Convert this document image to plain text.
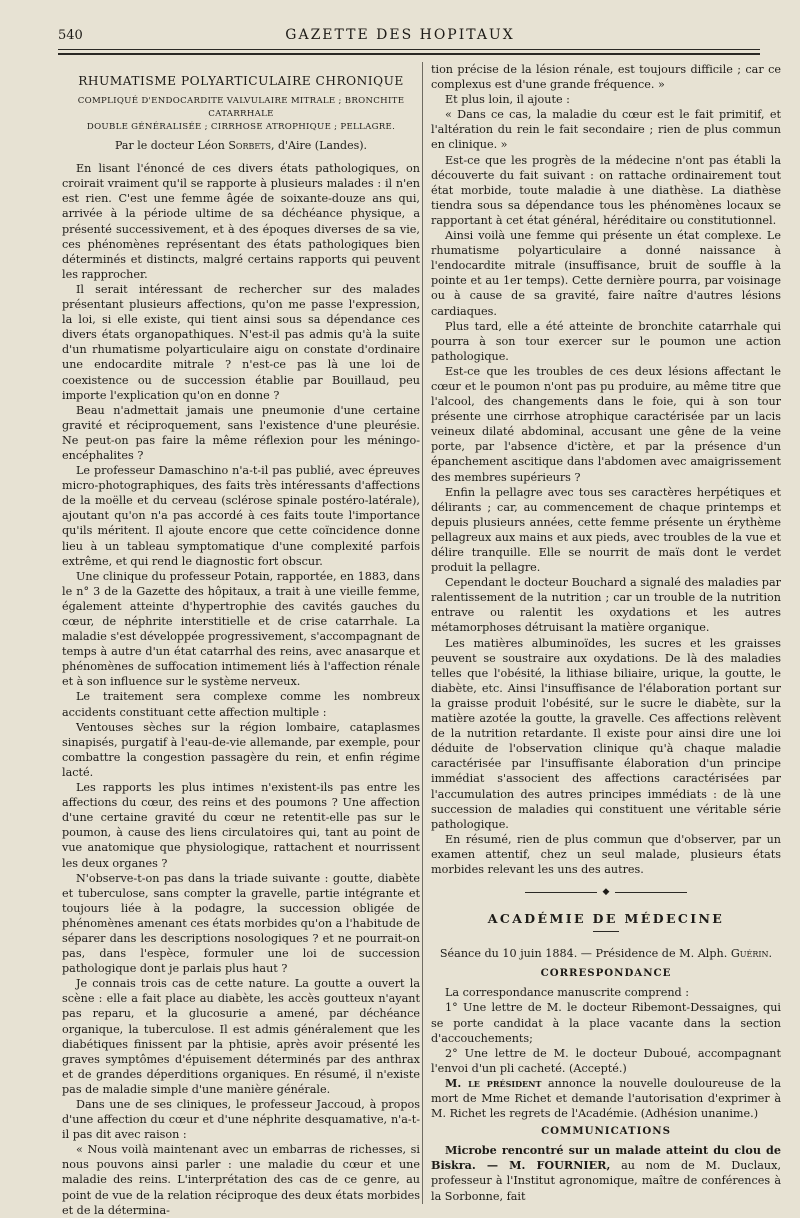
540	GAZETTE DES HOPITAUX
RHUMATISME POLYARTICULAIRE CHRONIQUE
COMPLIQUÉ D'ENDOCARDITE VALVULAIRE MITRALE ; BRONCHITE CATARRHALE
DOUBLE GÉNÉRALISÉE ; CIRRHOSE ATROPHIQUE ; PELLAGRE.
Par le docteur Léon Sorbets, d'Aire (Landes).

En lisant l'énoncé de ces divers états pathologiques, on croirait vraiment qu'il se rapporte à plusieurs malades : il n'en est rien. C'est une femme âgée de soixante-douze ans qui, arrivée à la période ultime de sa déchéance physique, a présenté successivement, et à des époques diverses de sa vie, ces phénomènes représentant des états pathologiques bien déterminés et distincts, malgré certains rapports qui peuvent les rapprocher.

Il serait intéressant de rechercher sur des malades présentant plusieurs affections, qu'on me passe l'expression, la loi, si elle existe, qui tient ainsi sous sa dépendance ces divers états organopathiques. N'est-il pas admis qu'à la suite d'un rhumatisme polyarticulaire aigu on constate d'ordinaire une endocardite mitrale ? n'est-ce pas là une loi de coexistence ou de succession établie par Bouillaud, peu importe l'explication qu'on en donne ?

Beau n'admettait jamais une pneumonie d'une certaine gravité et réciproquement, sans l'existence d'une pleurésie. Ne peut-on pas faire la même réflexion pour les méningo-encéphalites ?

Le professeur Damaschino n'a-t-il pas publié, avec épreuves micro-photographiques, des faits très intéressants d'affections de la moëlle et du cerveau (sclérose spinale postéro-latérale), ajoutant qu'on n'a pas accordé à ces faits toute l'importance qu'ils méritent. Il ajoute encore que cette coïncidence donne lieu à un tableau symptomatique d'une complexité parfois extrême, et qui rend le diagnostic fort obscur.

Une clinique du professeur Potain, rapportée, en 1883, dans le n° 3 de la Gazette des hôpitaux, a trait à une vieille femme, également atteinte d'hypertrophie des cavités gauches du cœur, de néphrite interstitielle et de crise catarrhale. La maladie s'est développée progressivement, s'accompagnant de temps à autre d'un état catarrhal des reins, avec anasarque et phénomènes de suffocation intimement liés à l'affection rénale et à son influence sur le système nerveux.

Le traitement sera complexe comme les nombreux accidents constituant cette affection multiple :

Ventouses sèches sur la région lombaire, cataplasmes sinapisés, purgatif à l'eau-de-vie allemande, par exemple, pour combattre la congestion passagère du rein, et enfin régime lacté.

Les rapports les plus intimes n'existent-ils pas entre les affections du cœur, des reins et des poumons ? Une affection d'une certaine gravité du cœur ne retentit-elle pas sur le poumon, à cause des liens circulatoires qui, tant au point de vue anatomique que physiologique, rattachent et nourrissent les deux organes ?

N'observe-t-on pas dans la triade suivante : goutte, diabète et tuberculose, sans compter la gravelle, partie intégrante et toujours liée à la podagre, la succession obligée de phénomènes amenant ces états morbides qu'on a l'habitude de séparer dans les descriptions nosologiques ? et ne pourrait-on pas, dans l'espèce, formuler une loi de succession pathologique dont je parlais plus haut ?

Je connais trois cas de cette nature. La goutte a ouvert la scène : elle a fait place au diabète, les accès goutteux n'ayant pas reparu, et la glucosurie a amené, par déchéance organique, la tuberculose. Il est admis généralement que les diabétiques finissent par la phtisie, après avoir présenté les graves symptômes d'épuisement déterminés par des anthrax et de grandes déperditions organiques. En résumé, il n'existe pas de maladie simple d'une manière générale.

Dans une de ses cliniques, le professeur Jaccoud, à propos d'une affection du cœur et d'une néphrite desquamative, n'a-t-il pas dit avec raison :

« Nous voilà maintenant avec un embarras de richesses, si nous pouvons ainsi parler : une maladie du cœur et une maladie des reins. L'interprétation des cas de ce genre, au point de vue de la relation réciproque des deux états morbides et de la détermina-

tion précise de la lésion rénale, est toujours difficile ; car ce complexus est d'une grande fréquence. »

Et plus loin, il ajoute :

« Dans ce cas, la maladie du cœur est le fait primitif, et l'altération du rein le fait secondaire ; rien de plus commun en clinique. »

Est-ce que les progrès de la médecine n'ont pas établi la découverte du fait suivant : on rattache ordinairement tout état morbide, toute maladie à une diathèse. La diathèse tiendra sous sa dépendance tous les phénomènes locaux se rapportant à cet état général, héréditaire ou constitutionnel.

Ainsi voilà une femme qui présente un état complexe. Le rhumatisme polyarticulaire a donné naissance à l'endocardite mitrale (insuffisance, bruit de souffle à la pointe et au 1er temps). Cette dernière pourra, par voisinage ou à cause de sa gravité, faire naître d'autres lésions cardiaques.

Plus tard, elle a été atteinte de bronchite catarrhale qui pourra à son tour exercer sur le poumon une action pathologique.

Est-ce que les troubles de ces deux lésions affectant le cœur et le poumon n'ont pas pu produire, au même titre que l'alcool, des changements dans le foie, qui à son tour présente une cirrhose atrophique caractérisée par un lacis veineux dilaté abdominal, accusant une gêne de la veine porte, par l'absence d'ictère, et par la présence d'un épanchement ascitique dans l'abdomen avec amaigrissement des membres supérieurs ?

Enfin la pellagre avec tous ses caractères herpétiques et délirants ; car, au commencement de chaque printemps et depuis plusieurs années, cette femme présente un érythème pellagreux aux mains et aux pieds, avec troubles de la vue et délire tranquille. Elle se nourrit de maïs dont le verdet produit la pellagre.

Cependant le docteur Bouchard a signalé des maladies par ralentissement de la nutrition ; car un trouble de la nutrition entrave ou ralentit les oxydations et les autres métamorphoses détruisant la matière organique.

Les matières albuminoïdes, les sucres et les graisses peuvent se soustraire aux oxydations. De là des maladies telles que l'obésité, la lithiase biliaire, urique, la goutte, le diabète, etc. Ainsi l'insuffisance de l'élaboration portant sur la graisse produit l'obésité, sur le sucre le diabète, sur la matière azotée la goutte, la gravelle. Ces affections relèvent de la nutrition retardante. Il existe pour ainsi dire une loi déduite de l'observation clinique qu'à chaque maladie caractérisée par l'insuffisante élaboration d'un principe immédiat s'associent des affections caractérisées par l'accumulation des autres principes immédiats : de là une succession de maladies qui constituent une véritable série pathologique.

En résumé, rien de plus commun que d'observer, par un examen attentif, chez un seul malade, plusieurs états morbides relevant les uns des autres.

◆
ACADÉMIE DE MÉDECINE

Séance du 10 juin 1884. — Présidence de M. Alph. Guérin.

CORRESPONDANCE

La correspondance manuscrite comprend :

1° Une lettre de M. le docteur Ribemont-Dessaignes, qui se porte candidat à la place vacante dans la section d'accouchements;

2° Une lettre de M. le docteur Duboué, accompagnant l'envoi d'un pli cacheté. (Accepté.)

M. le président annonce la nouvelle douloureuse de la mort de Mme Richet et demande l'autorisation d'exprimer à M. Richet les regrets de l'Académie. (Adhésion unanime.)

COMMUNICATIONS

Microbe rencontré sur un malade atteint du clou de Biskra. — M. FOURNIER, au nom de M. Duclaux, professeur à l'Institut agronomique, maître de conférences à la Sorbonne, fait
